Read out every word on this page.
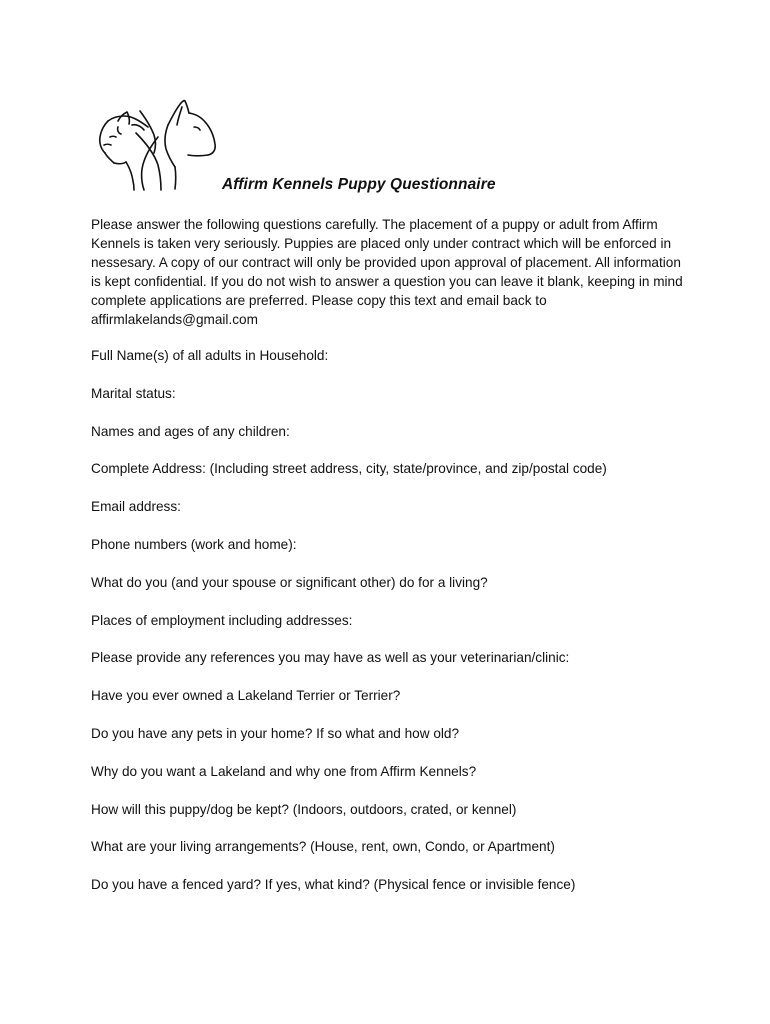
Affirm Kennels Puppy Questionnaire

Please answer the following questions carefully. The placement of a puppy or adult from Affirm Kennels is taken very seriously. Puppies are placed only under contract which will be enforced in nessesary. A copy of our contract will only be provided upon approval of placement. All information is kept confidential. If you do not wish to answer a question you can leave it blank, keeping in mind complete applications are preferred. Please copy this text and email back to affirmlakelands@gmail.com

Full Name(s) of all adults in Household:
Marital status:
Names and ages of any children:
Complete Address: (Including street address, city, state/province, and zip/postal code)
Email address:
Phone numbers (work and home):
What do you (and your spouse or significant other) do for a living?
Places of employment including addresses:
Please provide any references you may have as well as your veterinarian/clinic:
Have you ever owned a Lakeland Terrier or Terrier?
Do you have any pets in your home? If so what and how old?
Why do you want a Lakeland and why one from Affirm Kennels?
How will this puppy/dog be kept? (Indoors, outdoors, crated, or kennel)
What are your living arrangements? (House, rent, own, Condo, or Apartment)
Do you have a fenced yard? If yes, what kind? (Physical fence or invisible fence)
